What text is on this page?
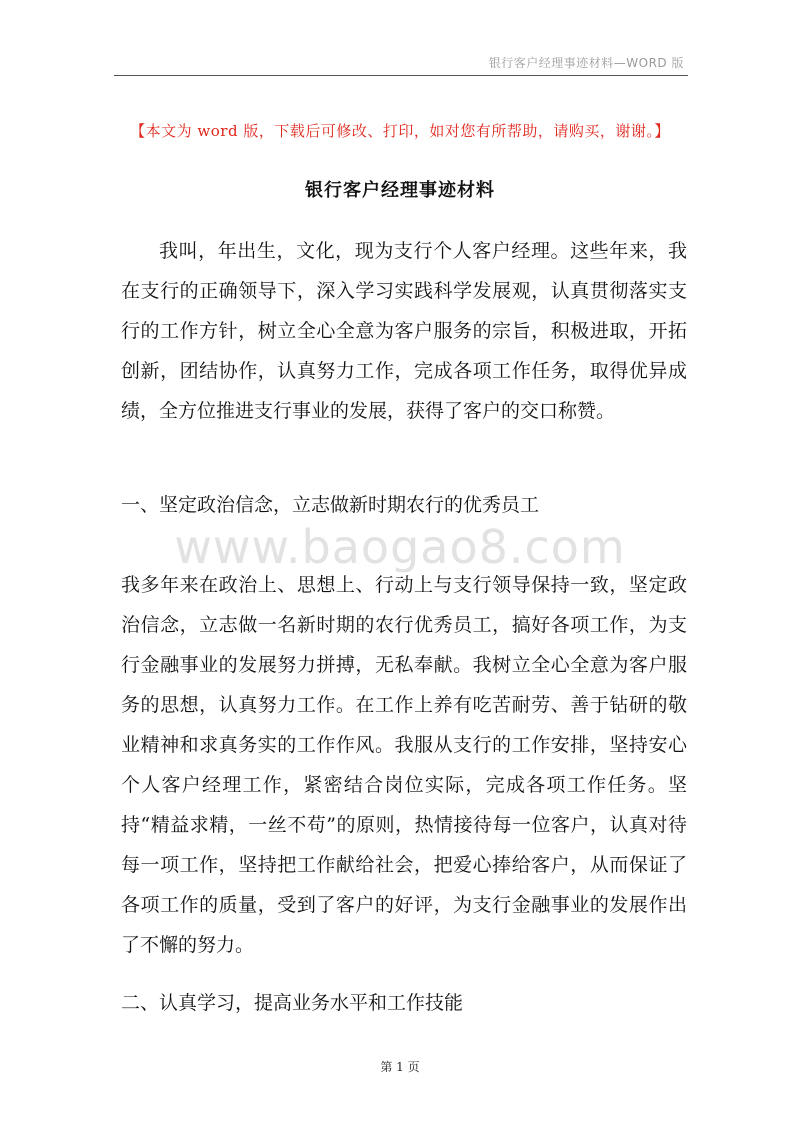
银行客户经理事迹材料—WORD 版
【本文为 word 版，下载后可修改、打印，如对您有所帮助，请购买，谢谢。】
银行客户经理事迹材料
我叫，年出生，文化，现为支行个人客户经理。这些年来，我在支行的正确领导下，深入学习实践科学发展观，认真贯彻落实支行的工作方针，树立全心全意为客户服务的宗旨，积极进取，开拓创新，团结协作，认真努力工作，完成各项工作任务，取得优异成绩，全方位推进支行事业的发展，获得了客户的交口称赞。
一、坚定政治信念，立志做新时期农行的优秀员工
www.baogao8.com
我多年来在政治上、思想上、行动上与支行领导保持一致，坚定政治信念，立志做一名新时期的农行优秀员工，搞好各项工作，为支行金融事业的发展努力拼搏，无私奉献。我树立全心全意为客户服务的思想，认真努力工作。在工作上养有吃苦耐劳、善于钻研的敬业精神和求真务实的工作作风。我服从支行的工作安排，坚持安心个人客户经理工作，紧密结合岗位实际，完成各项工作任务。坚持“精益求精，一丝不苟”的原则，热情接待每一位客户，认真对待每一项工作，坚持把工作献给社会，把爱心捧给客户，从而保证了各项工作的质量，受到了客户的好评，为支行金融事业的发展作出了不懈的努力。
二、认真学习，提高业务水平和工作技能
第 1 页
